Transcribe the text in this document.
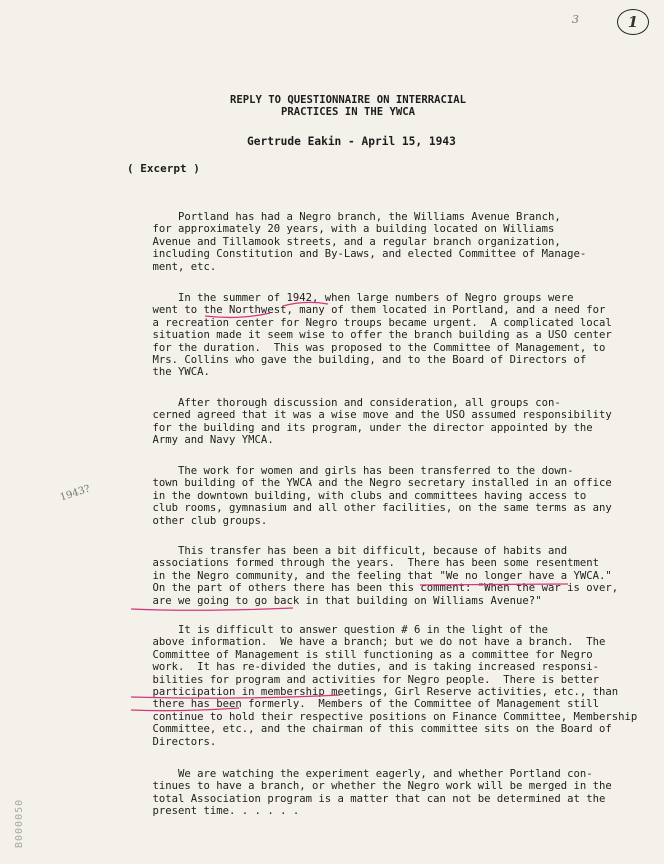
3	1
REPLY TO QUESTIONNAIRE ON INTERRACIAL
PRACTICES IN THE YWCA
Gertrude Eakin - April 15, 1943
( Excerpt )
Portland has had a Negro branch, the Williams Avenue Branch,
for approximately 20 years, with a building located on Williams
Avenue and Tillamook streets, and a regular branch organization,
including Constitution and By-Laws, and elected Committee of Manage-
ment, etc.
In the summer of 1942, when large numbers of Negro groups were
went to the Northwest, many of them located in Portland, and a need for
a recreation center for Negro troups became urgent.  A complicated local
situation made it seem wise to offer the branch building as a USO center
for the duration.  This was proposed to the Committee of Management, to
Mrs. Collins who gave the building, and to the Board of Directors of
the YWCA.
After thorough discussion and consideration, all groups con-
cerned agreed that it was a wise move and the USO assumed responsibility
for the building and its program, under the director appointed by the
Army and Navy YMCA.
The work for women and girls has been transferred to the down-
town building of the YWCA and the Negro secretary installed in an office
in the downtown building, with clubs and committees having access to
club rooms, gymnasium and all other facilities, on the same terms as any
other club groups.
This transfer has been a bit difficult, because of habits and
associations formed through the years.  There has been some resentment
in the Negro community, and the feeling that "We no longer have a YWCA."
On the part of others there has been this comment: "When the war is over,
are we going to go back in that building on Williams Avenue?"
It is difficult to answer question # 6 in the light of the
above information.  We have a branch; but we do not have a branch.  The
Committee of Management is still functioning as a committee for Negro
work.  It has re-divided the duties, and is taking increased responsi-
bilities for program and activities for Negro people.  There is better
participation in membership meetings, Girl Reserve activities, etc., than
there has been formerly.  Members of the Committee of Management still
continue to hold their respective positions on Finance Committee, Membership
Committee, etc., and the chairman of this committee sits on the Board of
Directors.
We are watching the experiment eagerly, and whether Portland con-
tinues to have a branch, or whether the Negro work will be merged in the
total Association program is a matter that can not be determined at the
present time. . . . . .
1943?
B000050
